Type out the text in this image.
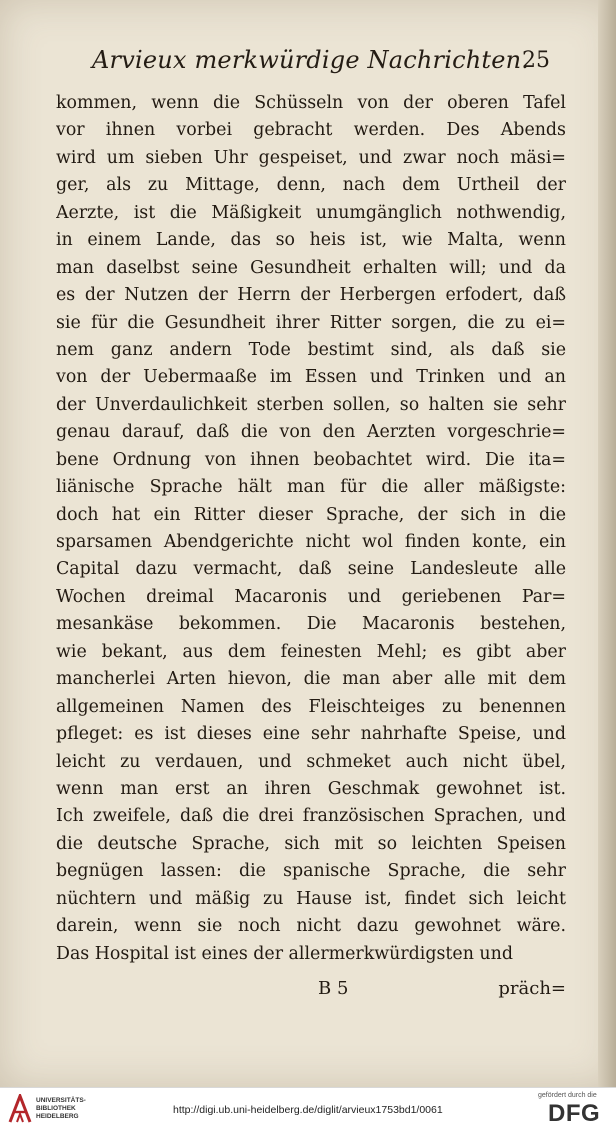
Arvieux merkwürdige Nachrichten.
25
kommen, wenn die Schüsseln von der oberen Tafel
vor ihnen vorbei gebracht werden. Des Abends
wird um sieben Uhr gespeiset, und zwar noch mäsi=
ger, als zu Mittage, denn, nach dem Urtheil der
Aerzte, ist die Mäßigkeit unumgänglich nothwendig,
in einem Lande, das so heis ist, wie Malta, wenn
man daselbst seine Gesundheit erhalten will; und da
es der Nutzen der Herrn der Herbergen erfodert, daß
sie für die Gesundheit ihrer Ritter sorgen, die zu ei=
nem ganz andern Tode bestimt sind, als daß sie
von der Uebermaaße im Essen und Trinken und an
der Unverdaulichkeit sterben sollen, so halten sie sehr
genau darauf, daß die von den Aerzten vorgeschrie=
bene Ordnung von ihnen beobachtet wird. Die ita=
liänische Sprache hält man für die aller mäßigste:
doch hat ein Ritter dieser Sprache, der sich in die
sparsamen Abendgerichte nicht wol finden konte, ein
Capital dazu vermacht, daß seine Landesleute alle
Wochen dreimal Macaronis und geriebenen Par=
mesankäse bekommen. Die Macaronis bestehen,
wie bekant, aus dem feinesten Mehl; es gibt aber
mancherlei Arten hievon, die man aber alle mit dem
allgemeinen Namen des Fleischteiges zu benennen
pfleget: es ist dieses eine sehr nahrhafte Speise, und
leicht zu verdauen, und schmeket auch nicht übel,
wenn man erst an ihren Geschmak gewohnet ist.
Ich zweifele, daß die drei französischen Sprachen, und
die deutsche Sprache, sich mit so leichten Speisen
begnügen lassen: die spanische Sprache, die sehr
nüchtern und mäßig zu Hause ist, findet sich leicht
darein, wenn sie noch nicht dazu gewohnet wäre.
Das Hospital ist eines der allermerkwürdigsten und
B 5	präch=
UNIVERSITÄTS-
BIBLIOTHEK
HEIDELBERG
http://digi.ub.uni-heidelberg.de/diglit/arvieux1753bd1/0061
gefördert durch die
DFG
